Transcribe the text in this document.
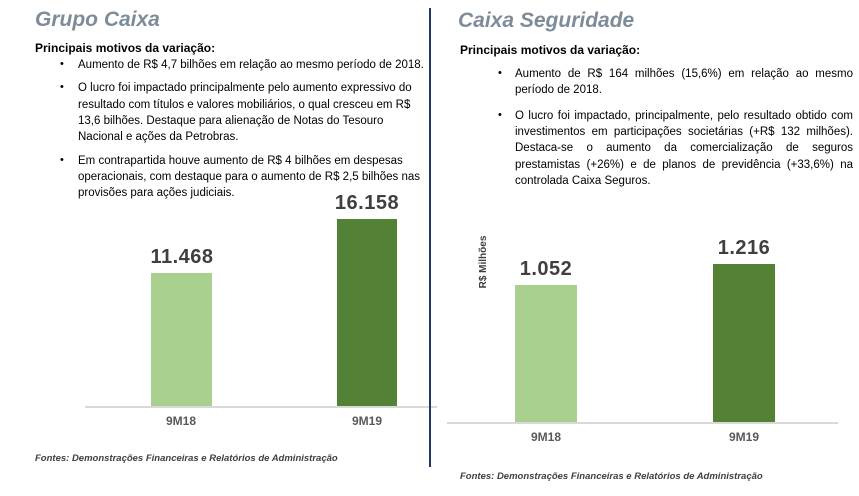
Grupo Caixa
Principais motivos da variação:
• Aumento de R$ 4,7 bilhões em relação ao mesmo período de 2018.
• O lucro foi impactado principalmente pelo aumento expressivo do resultado com títulos e valores mobiliários, o qual cresceu em R$ 13,6 bilhões. Destaque para alienação de Notas do Tesouro Nacional e ações da Petrobras.
• Em contrapartida houve aumento de R$ 4 bilhões em despesas operacionais, com destaque para o aumento de R$ 2,5 bilhões nas provisões para ações judiciais.
11.468
16.158
9M18	9M19
Fontes: Demonstrações Financeiras e Relatórios de Administração
Caixa Seguridade
Principais motivos da variação:
• Aumento de R$ 164 milhões (15,6%) em relação ao mesmo período de 2018.
• O lucro foi impactado, principalmente, pelo resultado obtido com investimentos em participações societárias (+R$ 132 milhões). Destaca-se o aumento da comercialização de seguros prestamistas (+26%) e de planos de previdência (+33,6%) na controlada Caixa Seguros.
R$ Milhões	1.052
1.216
9M18	9M19
Fontes: Demonstrações Financeiras e Relatórios de Administração
